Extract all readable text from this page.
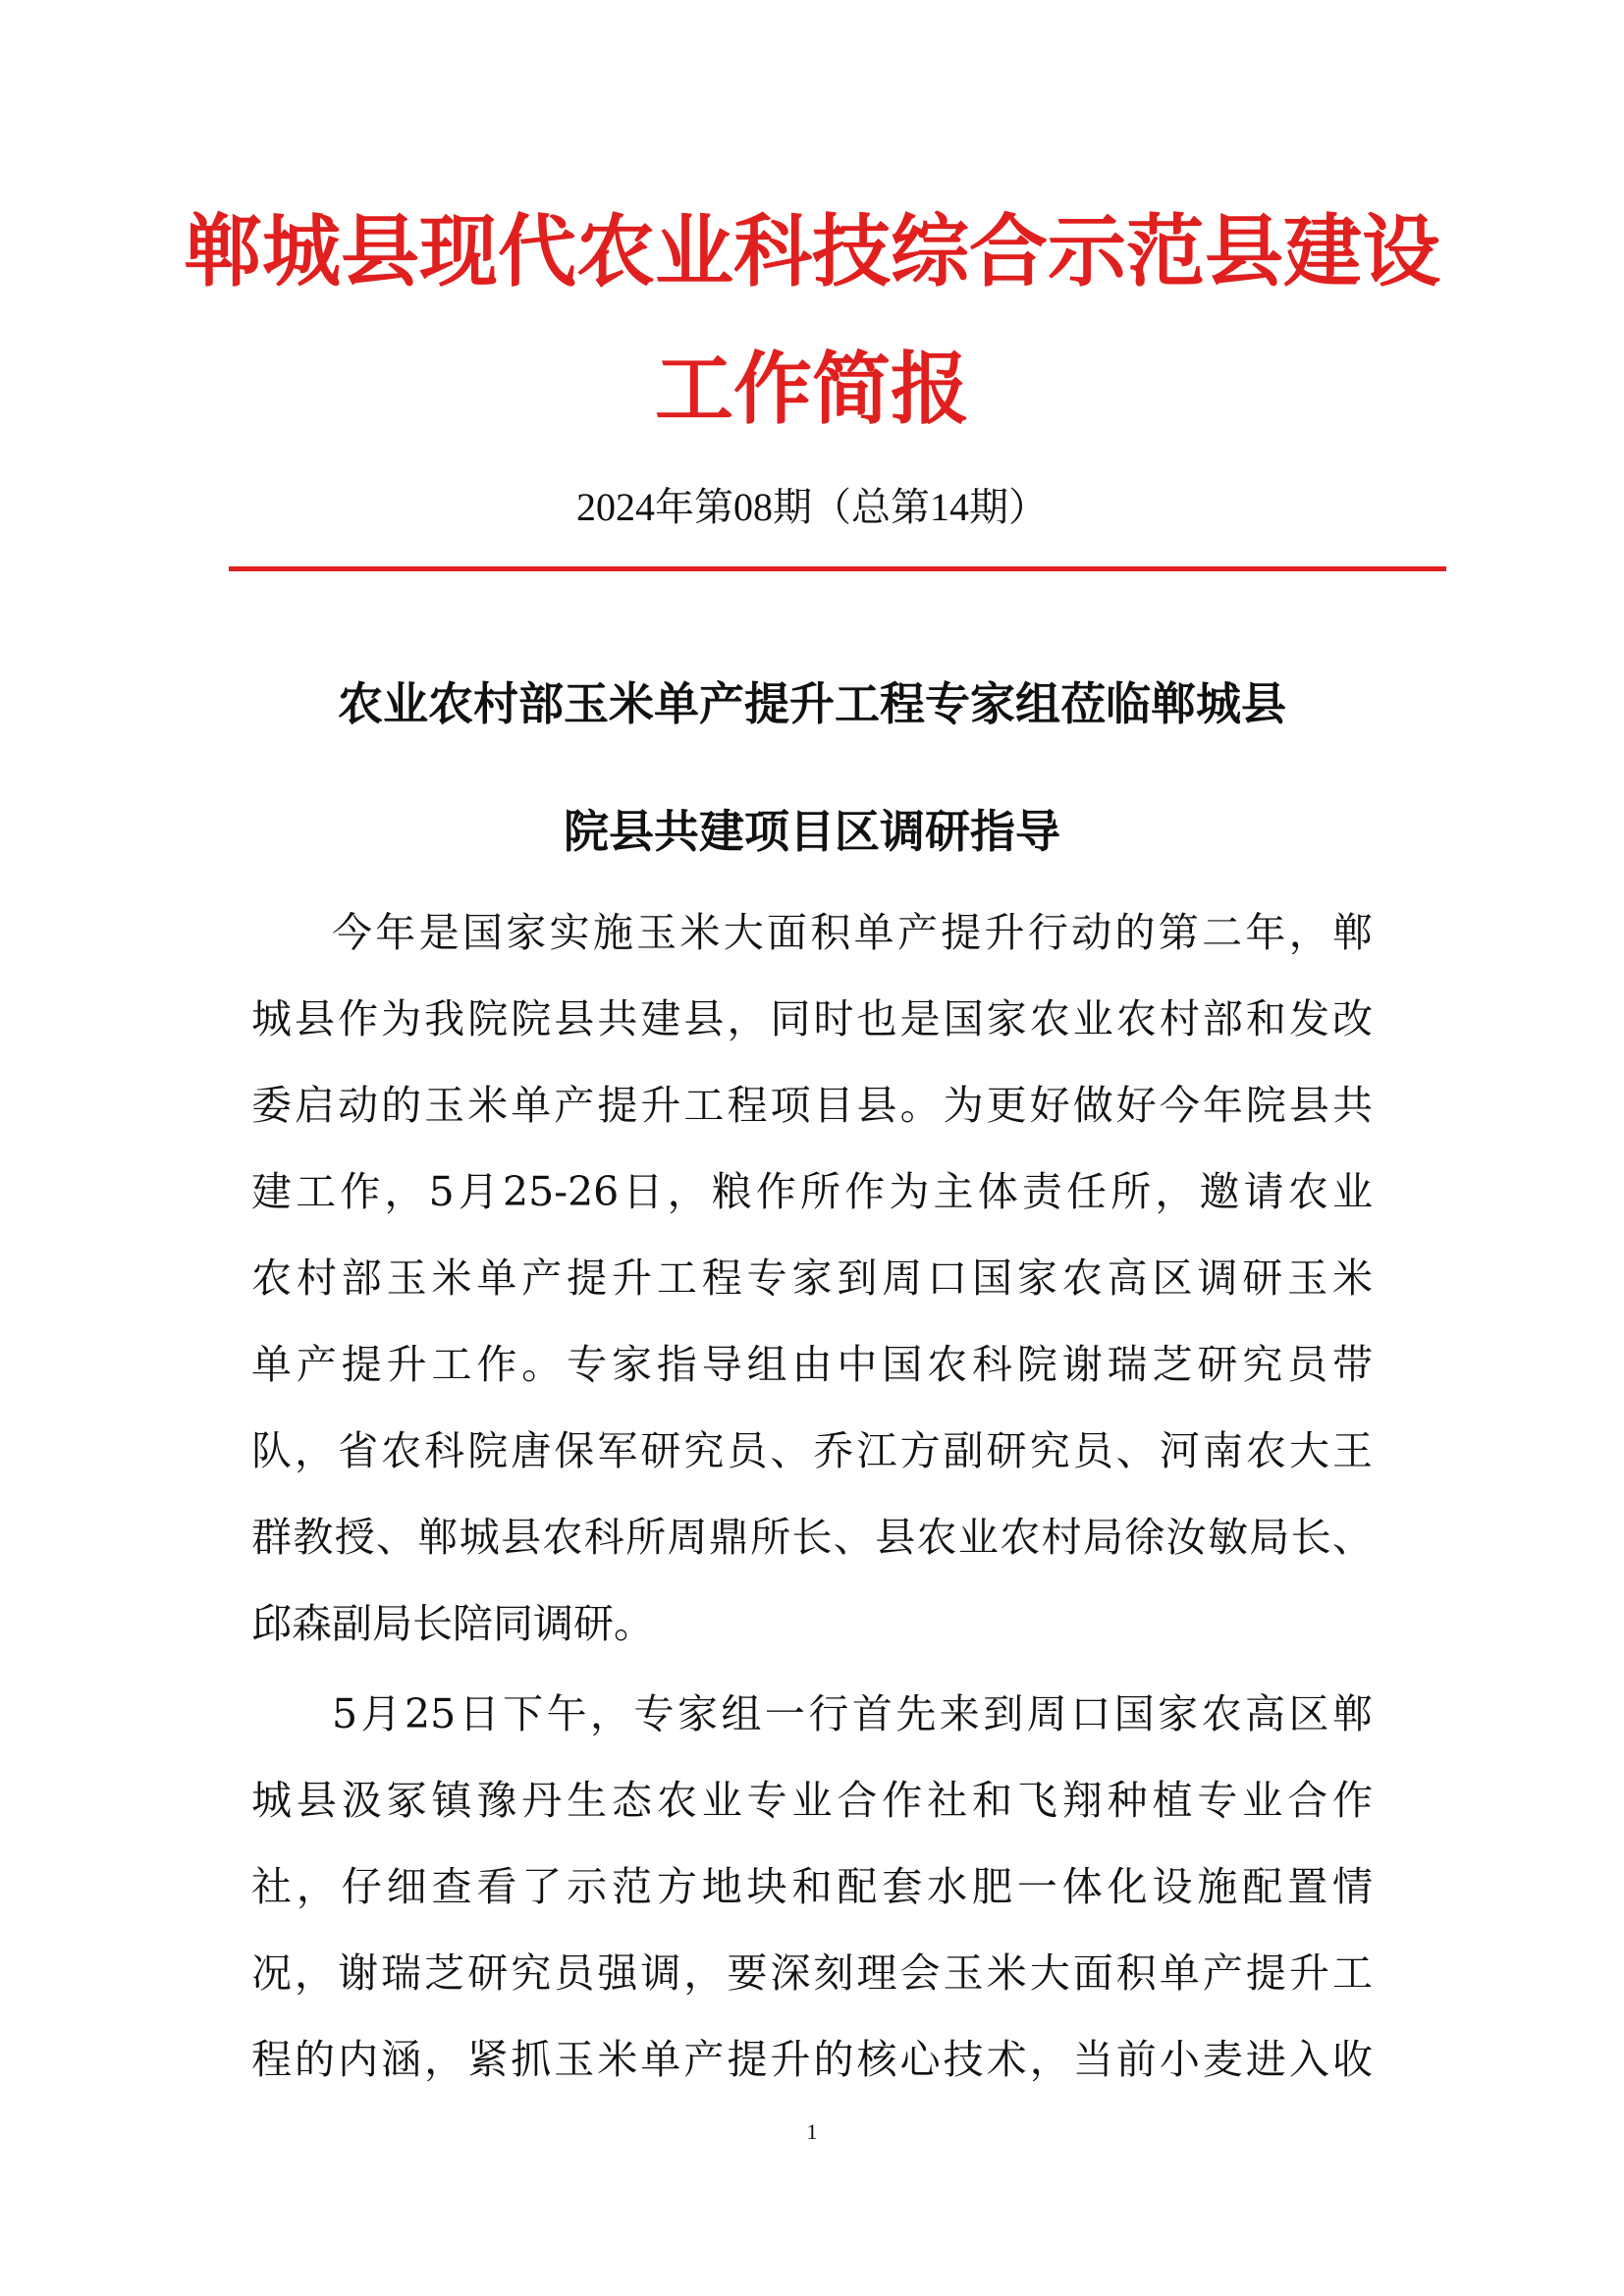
郸城县现代农业科技综合示范县建设
工作简报
2024年第08期（总第14期）
农业农村部玉米单产提升工程专家组莅临郸城县
院县共建项目区调研指导
今年是国家实施玉米大面积单产提升行动的第二年，郸
城县作为我院院县共建县，同时也是国家农业农村部和发改
委启动的玉米单产提升工程项目县。为更好做好今年院县共
建工作，5月25-26日，粮作所作为主体责任所，邀请农业
农村部玉米单产提升工程专家到周口国家农高区调研玉米
单产提升工作。专家指导组由中国农科院谢瑞芝研究员带
队，省农科院唐保军研究员、乔江方副研究员、河南农大王
群教授、郸城县农科所周鼎所长、县农业农村局徐汝敏局长、
邱森副局长陪同调研。
5月25日下午，专家组一行首先来到周口国家农高区郸
城县汲冢镇豫丹生态农业专业合作社和飞翔种植专业合作
社，仔细查看了示范方地块和配套水肥一体化设施配置情
况，谢瑞芝研究员强调，要深刻理会玉米大面积单产提升工
程的内涵，紧抓玉米单产提升的核心技术，当前小麦进入收
1
